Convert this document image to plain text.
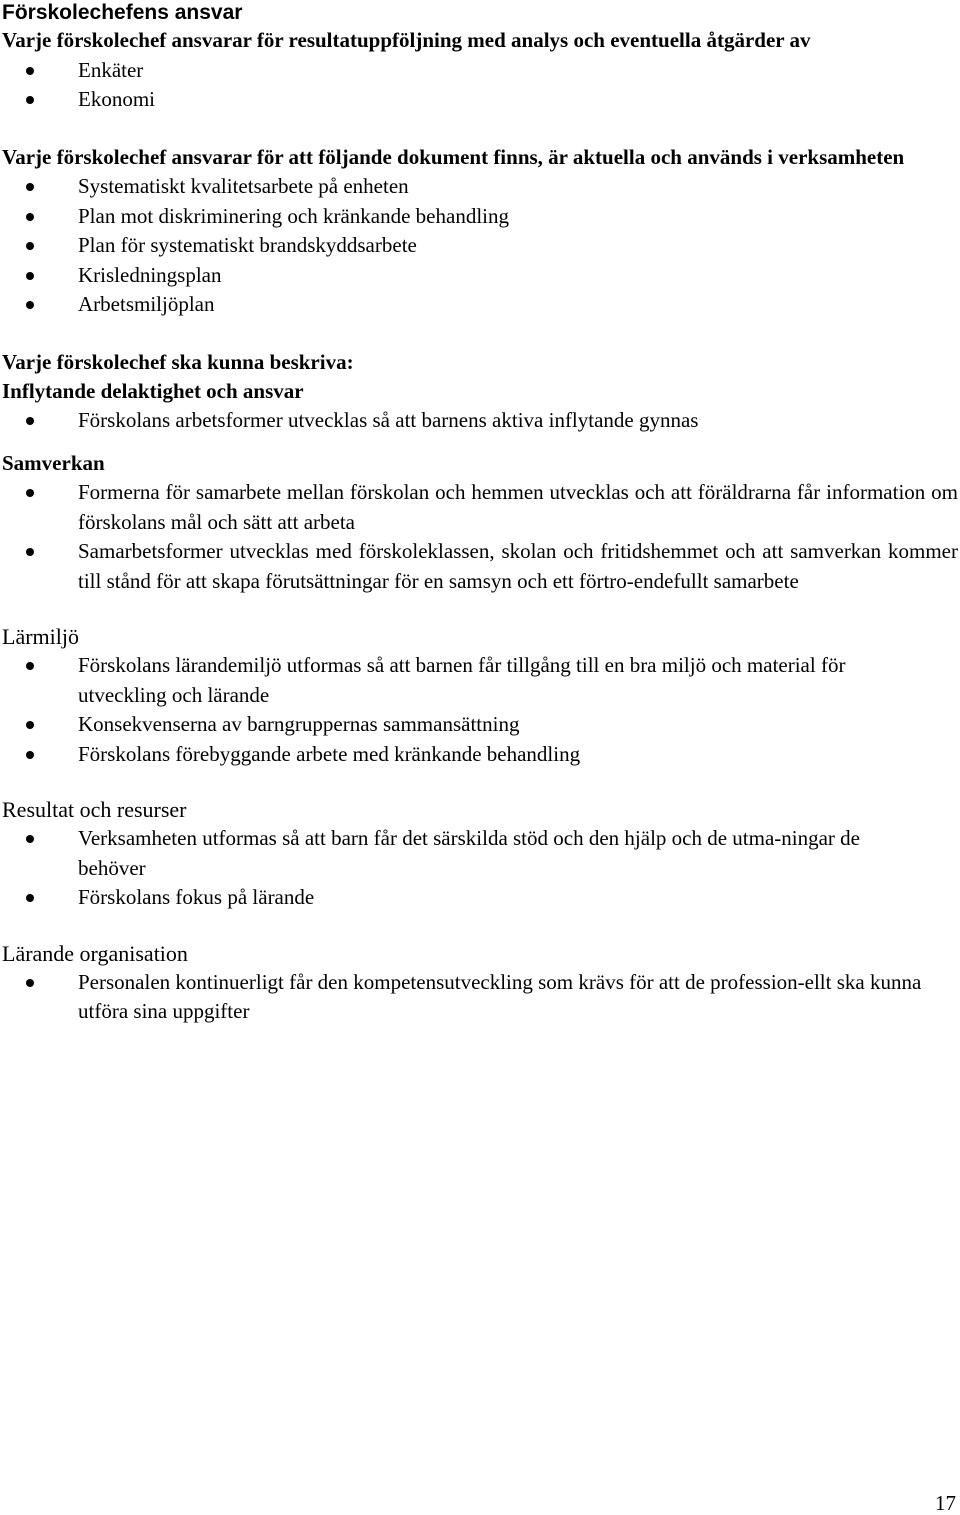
Förskolechefens ansvar

Varje förskolechef ansvarar för resultatuppföljning med analys och eventuella åtgärder av

Enkäter
Ekonomi

Varje förskolechef ansvarar för att följande dokument finns, är aktuella och används i verksamheten

Systematiskt kvalitetsarbete på enheten
Plan mot diskriminering och kränkande behandling
Plan för systematiskt brandskyddsarbete
Krisledningsplan
Arbetsmiljöplan

Varje förskolechef ska kunna beskriva:

Inflytande delaktighet och ansvar

Förskolans arbetsformer utvecklas så att barnens aktiva inflytande gynnas

Samverkan

Formerna för samarbete mellan förskolan och hemmen utvecklas och att föräldrarna får information om förskolans mål och sätt att arbeta
Samarbetsformer utvecklas med förskoleklassen, skolan och fritidshemmet och att samverkan kommer till stånd för att skapa förutsättningar för en samsyn och ett förtro-endefullt samarbete

Lärmiljö

Förskolans lärandemiljö utformas så att barnen får tillgång till en bra miljö och material för utveckling och lärande
Konsekvenserna av barngruppernas sammansättning
Förskolans förebyggande arbete med kränkande behandling

Resultat och resurser

Verksamheten utformas så att barn får det särskilda stöd och den hjälp och de utma-ningar de behöver
Förskolans fokus på lärande

Lärande organisation

Personalen kontinuerligt får den kompetensutveckling som krävs för att de profession-ellt ska kunna utföra sina uppgifter
17
